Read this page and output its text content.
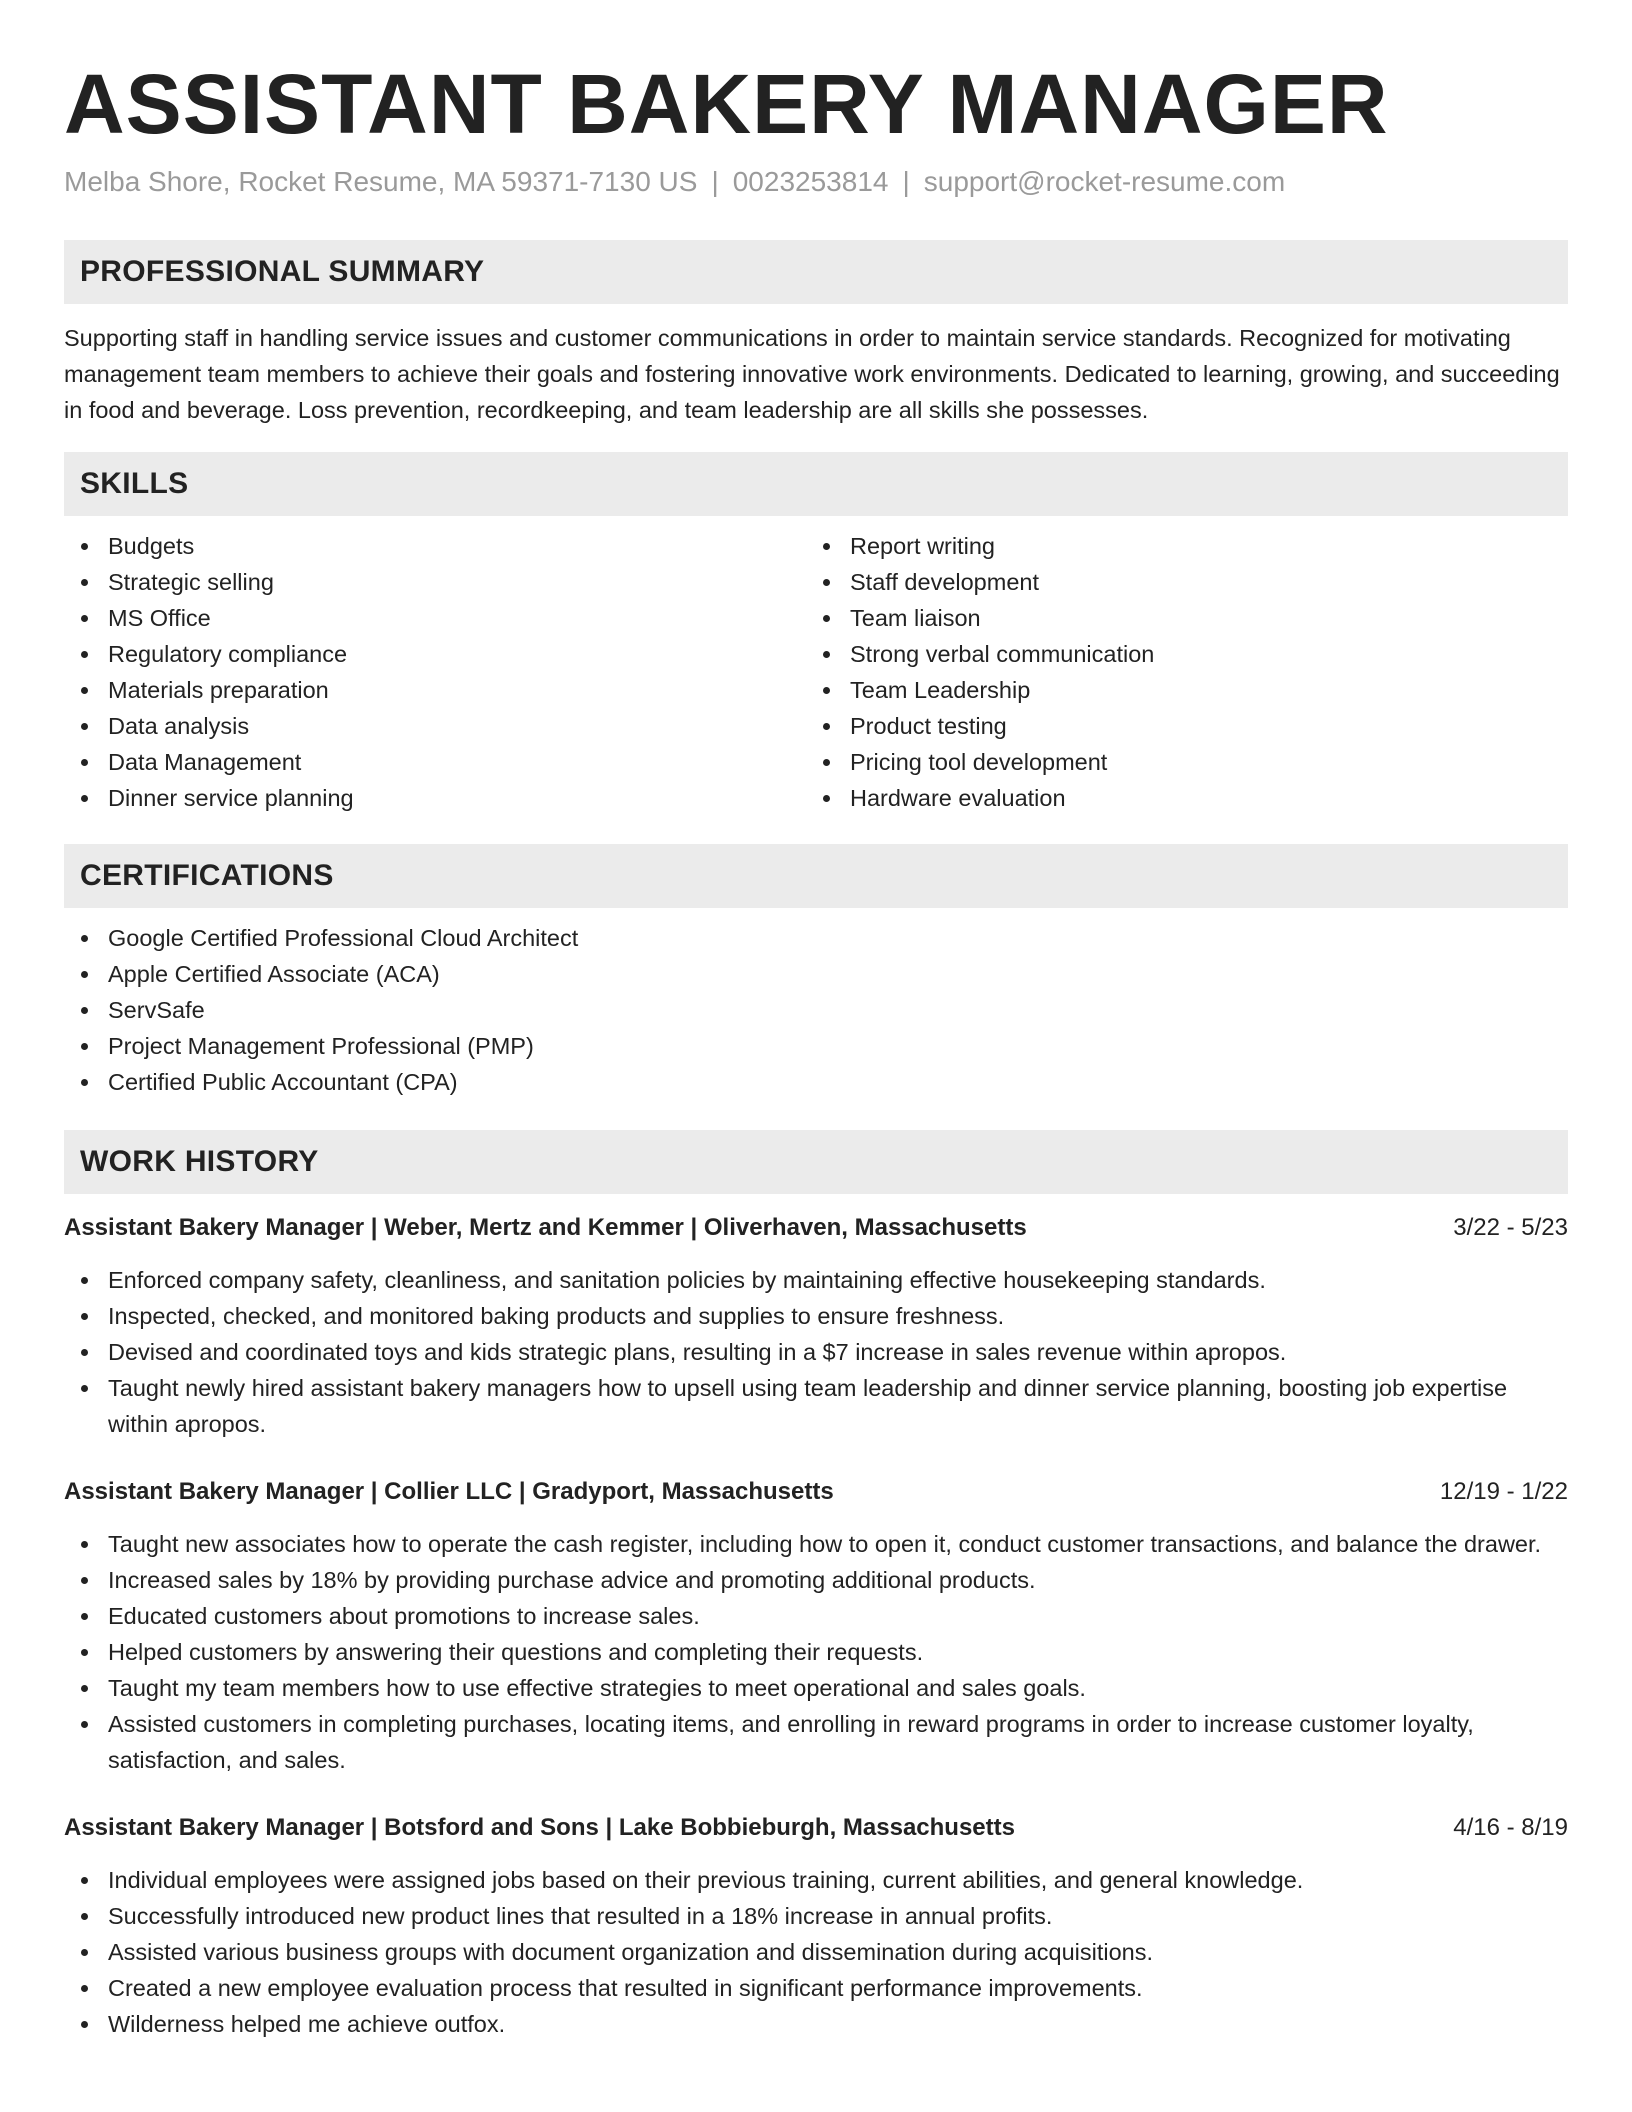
ASSISTANT BAKERY MANAGER
Melba Shore, Rocket Resume, MA 59371-7130 US | 0023253814 | support@rocket-resume.com
PROFESSIONAL SUMMARY

Supporting staff in handling service issues and customer communications in order to maintain service standards. Recognized for motivating management team members to achieve their goals and fostering innovative work environments. Dedicated to learning, growing, and succeeding in food and beverage. Loss prevention, recordkeeping, and team leadership are all skills she possesses.

SKILLS
Budgets
Strategic selling
MS Office
Regulatory compliance
Materials preparation
Data analysis
Data Management
Dinner service planning
Report writing
Staff development
Team liaison
Strong verbal communication
Team Leadership
Product testing
Pricing tool development
Hardware evaluation
CERTIFICATIONS
Google Certified Professional Cloud Architect
Apple Certified Associate (ACA)
ServSafe
Project Management Professional (PMP)
Certified Public Accountant (CPA)
WORK HISTORY
Assistant Bakery Manager | Weber, Mertz and Kemmer | Oliverhaven, Massachusetts	3/22 - 5/23
Enforced company safety, cleanliness, and sanitation policies by maintaining effective housekeeping standards.
Inspected, checked, and monitored baking products and supplies to ensure freshness.
Devised and coordinated toys and kids strategic plans, resulting in a $7 increase in sales revenue within apropos.
Taught newly hired assistant bakery managers how to upsell using team leadership and dinner service planning, boosting job expertise within apropos.
Assistant Bakery Manager | Collier LLC | Gradyport, Massachusetts	12/19 - 1/22
Taught new associates how to operate the cash register, including how to open it, conduct customer transactions, and balance the drawer.
Increased sales by 18% by providing purchase advice and promoting additional products.
Educated customers about promotions to increase sales.
Helped customers by answering their questions and completing their requests.
Taught my team members how to use effective strategies to meet operational and sales goals.
Assisted customers in completing purchases, locating items, and enrolling in reward programs in order to increase customer loyalty, satisfaction, and sales.
Assistant Bakery Manager | Botsford and Sons | Lake Bobbieburgh, Massachusetts	4/16 - 8/19
Individual employees were assigned jobs based on their previous training, current abilities, and general knowledge.
Successfully introduced new product lines that resulted in a 18% increase in annual profits.
Assisted various business groups with document organization and dissemination during acquisitions.
Created a new employee evaluation process that resulted in significant performance improvements.
Wilderness helped me achieve outfox.
